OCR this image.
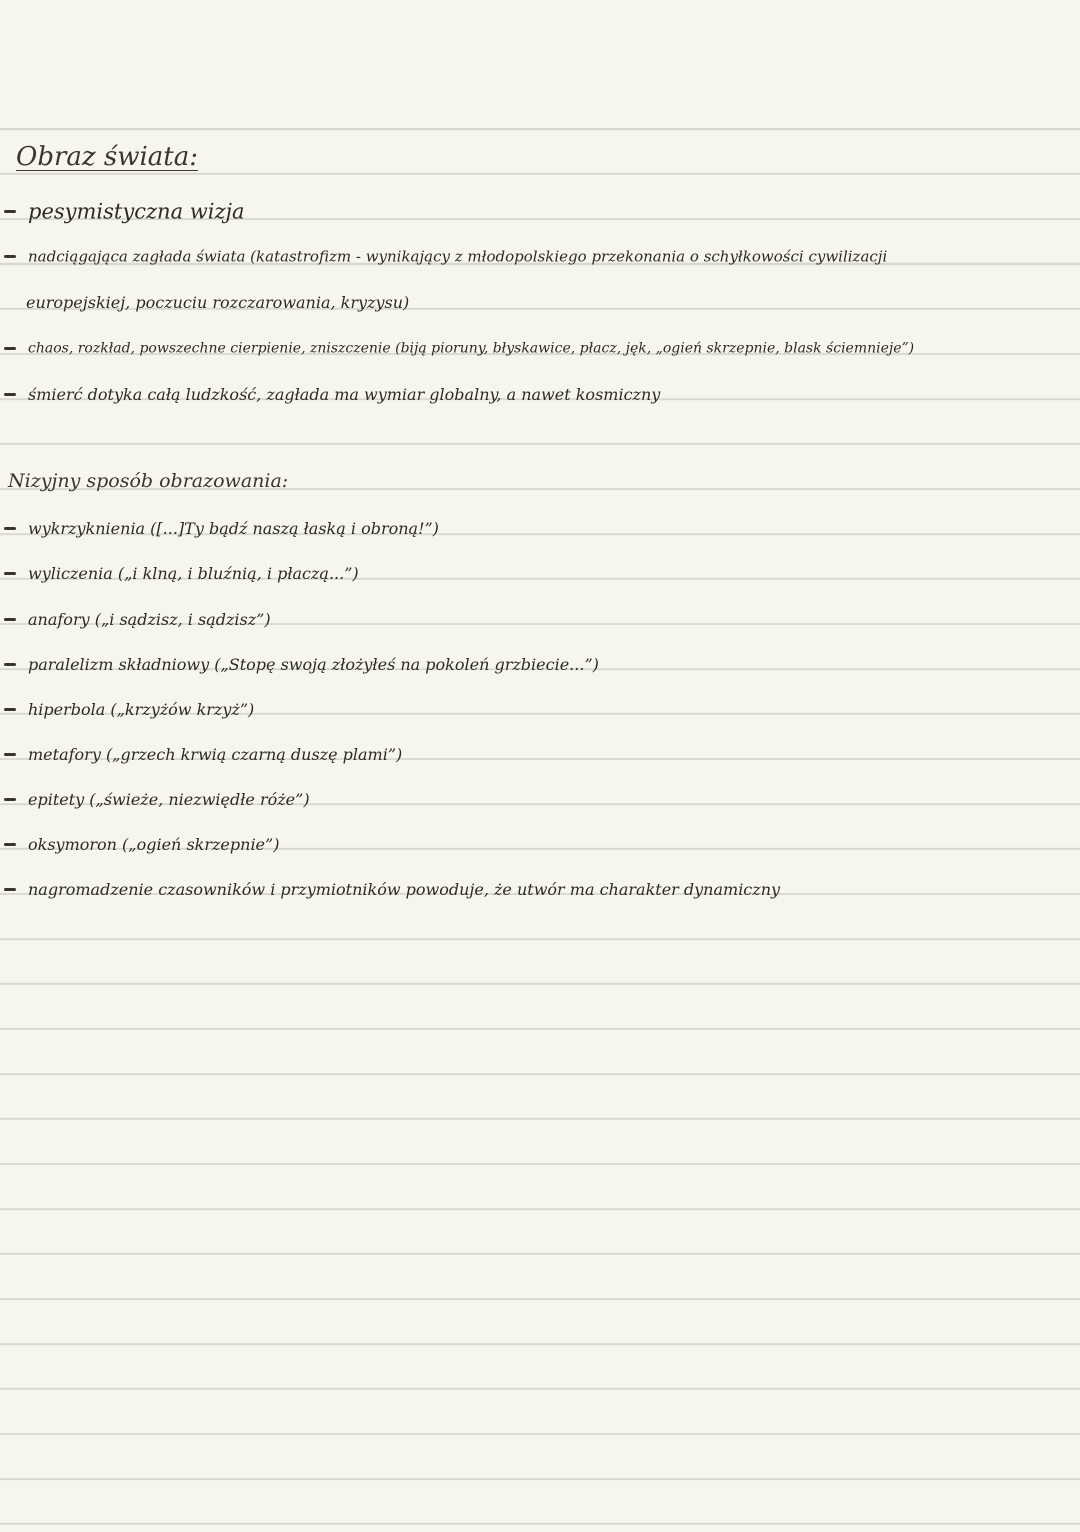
Obraz świata:
pesymistyczna wizja
nadciągająca zagłada świata (katastrofizm - wynikający z młodopolskiego przekonania o schyłkowości cywilizacji
europejskiej, poczuciu rozczarowania, kryzysu)
chaos, rozkład, powszechne cierpienie, zniszczenie (biją pioruny, błyskawice, płacz, jęk, „ogień skrzepnie, blask ściemnieje”)
śmierć dotyka całą ludzkość, zagłada ma wymiar globalny, a nawet kosmiczny
Nizyjny sposób obrazowania:
wykrzyknienia ([...]Ty bądź naszą łaską i obroną!”)
wyliczenia („i klną, i bluźnią, i płaczą...”)
anafory („i sądzisz, i sądzisz”)
paralelizm składniowy („Stopę swoją złożyłeś na pokoleń grzbiecie...”)
hiperbola („krzyżów krzyż”)
metafory („grzech krwią czarną duszę plami”)
epitety („świeże, niezwiędłe róże”)
oksymoron („ogień skrzepnie”)
nagromadzenie czasowników i przymiotników powoduje, że utwór ma charakter dynamiczny
